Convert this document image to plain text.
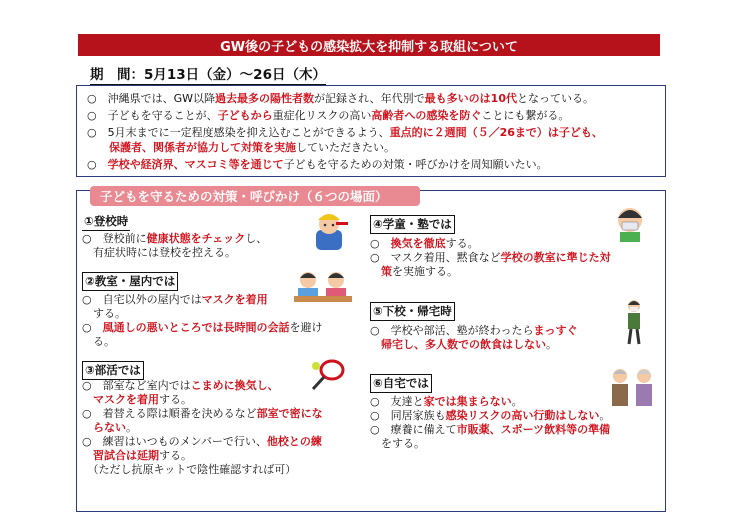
GW後の子どもの感染拡大を抑制する取組について
期　間：5月13日（金）～26日（木）
○　沖縄県では、GW以降過去最多の陽性者数が記録され、年代別で最も多いのは10代となっている。
○　子どもを守ることが、子どもから重症化リスクの高い高齢者への感染を防ぐことにも繋がる。
○　5月末までに一定程度感染を抑え込むことができるよう、重点的に２週間（５／26まで）は子ども、
　　保護者、関係者が協力して対策を実施していただきたい。
○　学校や経済界、マスコミ等を通じて子どもを守るための対策・呼びかけを周知願いたい。
子どもを守るための対策・呼びかけ（６つの場面）
①登校時
○　登校前に健康状態をチェックし、
　有症状時には登校を控える。
②教室・屋内では
○　自宅以外の屋内ではマスクを着用
　する。
○　風通しの悪いところでは長時間の会話を避け
　る。
③部活では
○　部室など室内ではこまめに換気し、
　マスクを着用する。
○　着替える際は順番を決めるなど部室で密にな
　らない。
○　練習はいつものメンバーで行い、他校との練
　習試合は延期する。
　（ただし抗原キットで陰性確認すれば可）
④学童・塾では
○　換気を徹底する。
○　マスク着用、黙食など学校の教室に準じた対
　策を実施する。
⑤下校・帰宅時
○　学校や部活、塾が終わったらまっすぐ
　帰宅し、多人数での飲食はしない。
⑥自宅では
○　友達と家では集まらない。
○　同居家族も感染リスクの高い行動はしない。
○　療養に備えて市販薬、スポーツ飲料等の準備
　をする。
